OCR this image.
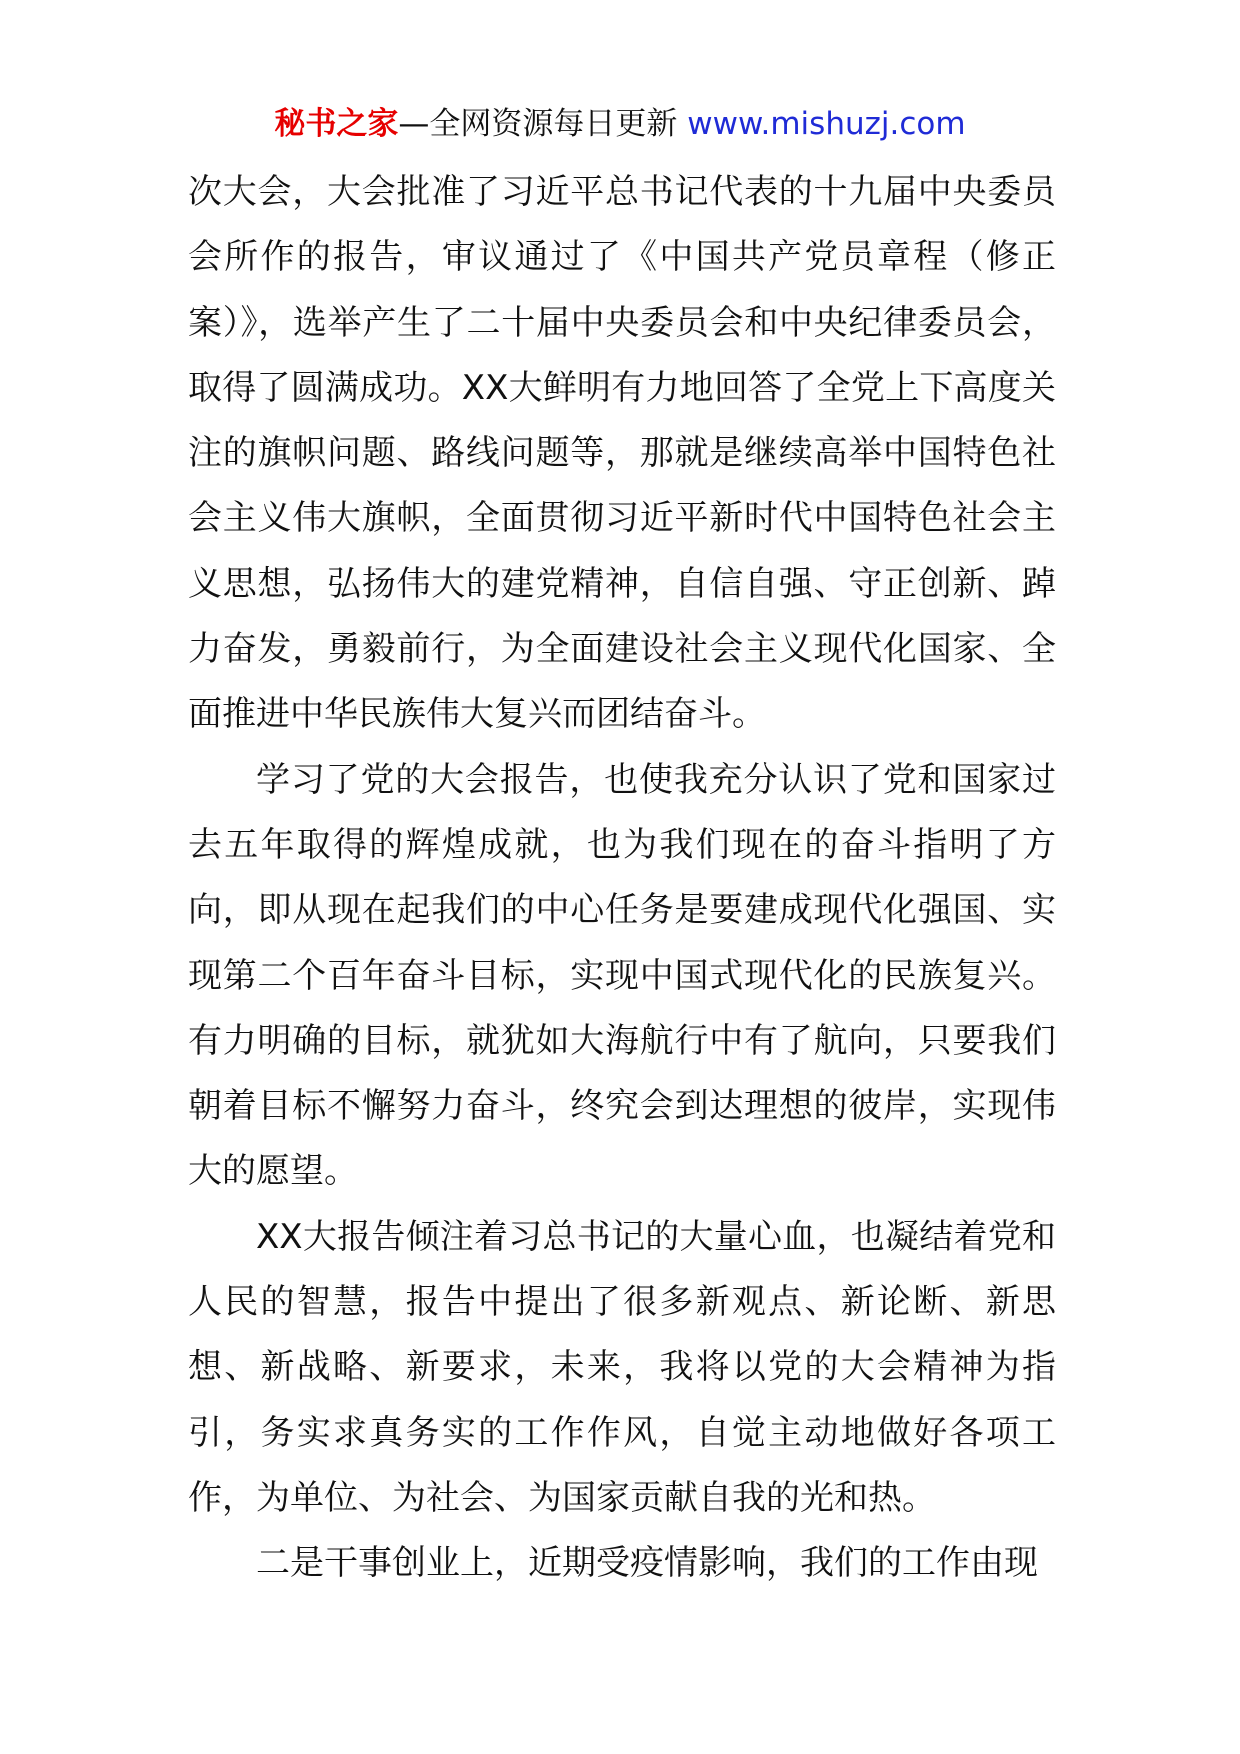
秘书之家—全网资源每日更新 www.mishuzj.com

次大会，大会批准了习近平总书记代表的十九届中央委员会所作的报告，审议通过了《中国共产党员章程（修正案）》，选举产生了二十届中央委员会和中央纪律委员会，取得了圆满成功。XX大鲜明有力地回答了全党上下高度关注的旗帜问题、路线问题等，那就是继续高举中国特色社会主义伟大旗帜，全面贯彻习近平新时代中国特色社会主义思想，弘扬伟大的建党精神，自信自强、守正创新、踔力奋发，勇毅前行，为全面建设社会主义现代化国家、全面推进中华民族伟大复兴而团结奋斗。

学习了党的大会报告，也使我充分认识了党和国家过去五年取得的辉煌成就，也为我们现在的奋斗指明了方向，即从现在起我们的中心任务是要建成现代化强国、实现第二个百年奋斗目标，实现中国式现代化的民族复兴。有力明确的目标，就犹如大海航行中有了航向，只要我们朝着目标不懈努力奋斗，终究会到达理想的彼岸，实现伟大的愿望。

XX大报告倾注着习总书记的大量心血，也凝结着党和人民的智慧，报告中提出了很多新观点、新论断、新思想、新战略、新要求，未来，我将以党的大会精神为指引，务实求真务实的工作作风，自觉主动地做好各项工作，为单位、为社会、为国家贡献自我的光和热。

二是干事创业上，近期受疫情影响，我们的工作由现
